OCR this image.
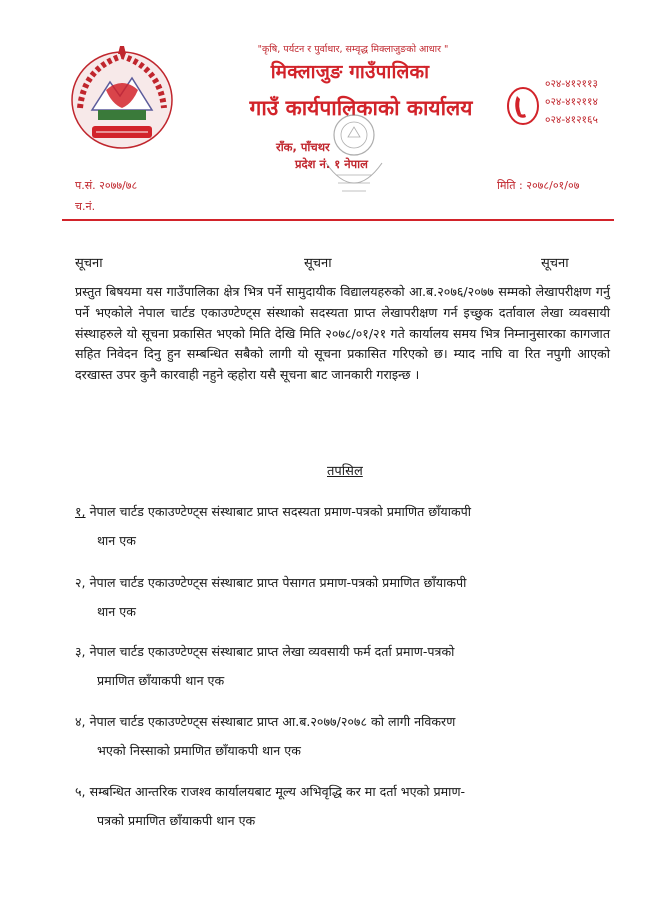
"कृषि, पर्यटन र पुर्वाधार, सम्वृद्ध मिक्लाजुङको आधार "
मिक्लाजुङ गाउँपालिका
गाउँ कार्यपालिकाको कार्यालय
राँक, पाँचथर
प्रदेश नं. १ नेपाल
०२४-४१२११३
०२४-४१२११४
०२४-४१२१६५
प.सं. २०७७/७८
च.नं.
मिति : २०७८/०१/०७
सूचना	सूचना	सूचना
प्रस्तुत बिषयमा यस गाउँपालिका क्षेत्र भित्र पर्ने सामुदायीक विद्यालयहरुको आ.ब.२०७६/२०७७ सम्मको लेखापरीक्षण गर्नु पर्ने भएकोले नेपाल चार्टड एकाउण्टेण्ट्स संस्थाको सदस्यता प्राप्त लेखापरीक्षण गर्न इच्छुक दर्तावाल लेखा व्यवसायी संस्थाहरुले यो सूचना प्रकासित भएको मिति देखि मिति २०७८/०१/२१ गते कार्यालय समय भित्र निम्नानुसारका कागजात सहित निवेदन दिनु हुन सम्बन्धित सबैको लागी यो सूचना प्रकासित गरिएको छ। म्याद नाघि वा रित नपुगी आएको दरखास्त उपर कुनै कारवाही नहुने व्हहोरा यसै सूचना बाट जानकारी गराइन्छ ।
तपसिल
१, नेपाल चार्टड एकाउण्टेण्ट्स संस्थाबाट प्राप्त सदस्यता प्रमाण-पत्रको प्रमाणित छाँयाकपी
थान एक
२, नेपाल चार्टड एकाउण्टेण्ट्स संस्थाबाट प्राप्त पेसागत प्रमाण-पत्रको प्रमाणित छाँयाकपी
थान एक
३, नेपाल चार्टड एकाउण्टेण्ट्स संस्थाबाट प्राप्त लेखा व्यवसायी फर्म दर्ता प्रमाण-पत्रको
प्रमाणित छाँयाकपी थान एक
४, नेपाल चार्टड एकाउण्टेण्ट्स संस्थाबाट प्राप्त आ.ब.२०७७/२०७८ को लागी नविकरण
भएको निस्साको प्रमाणित छाँयाकपी थान एक
५, सम्बन्धित आन्तरिक राजश्व कार्यालयबाट मूल्य अभिवृद्धि कर मा दर्ता भएको प्रमाण-
पत्रको प्रमाणित छाँयाकपी थान एक
